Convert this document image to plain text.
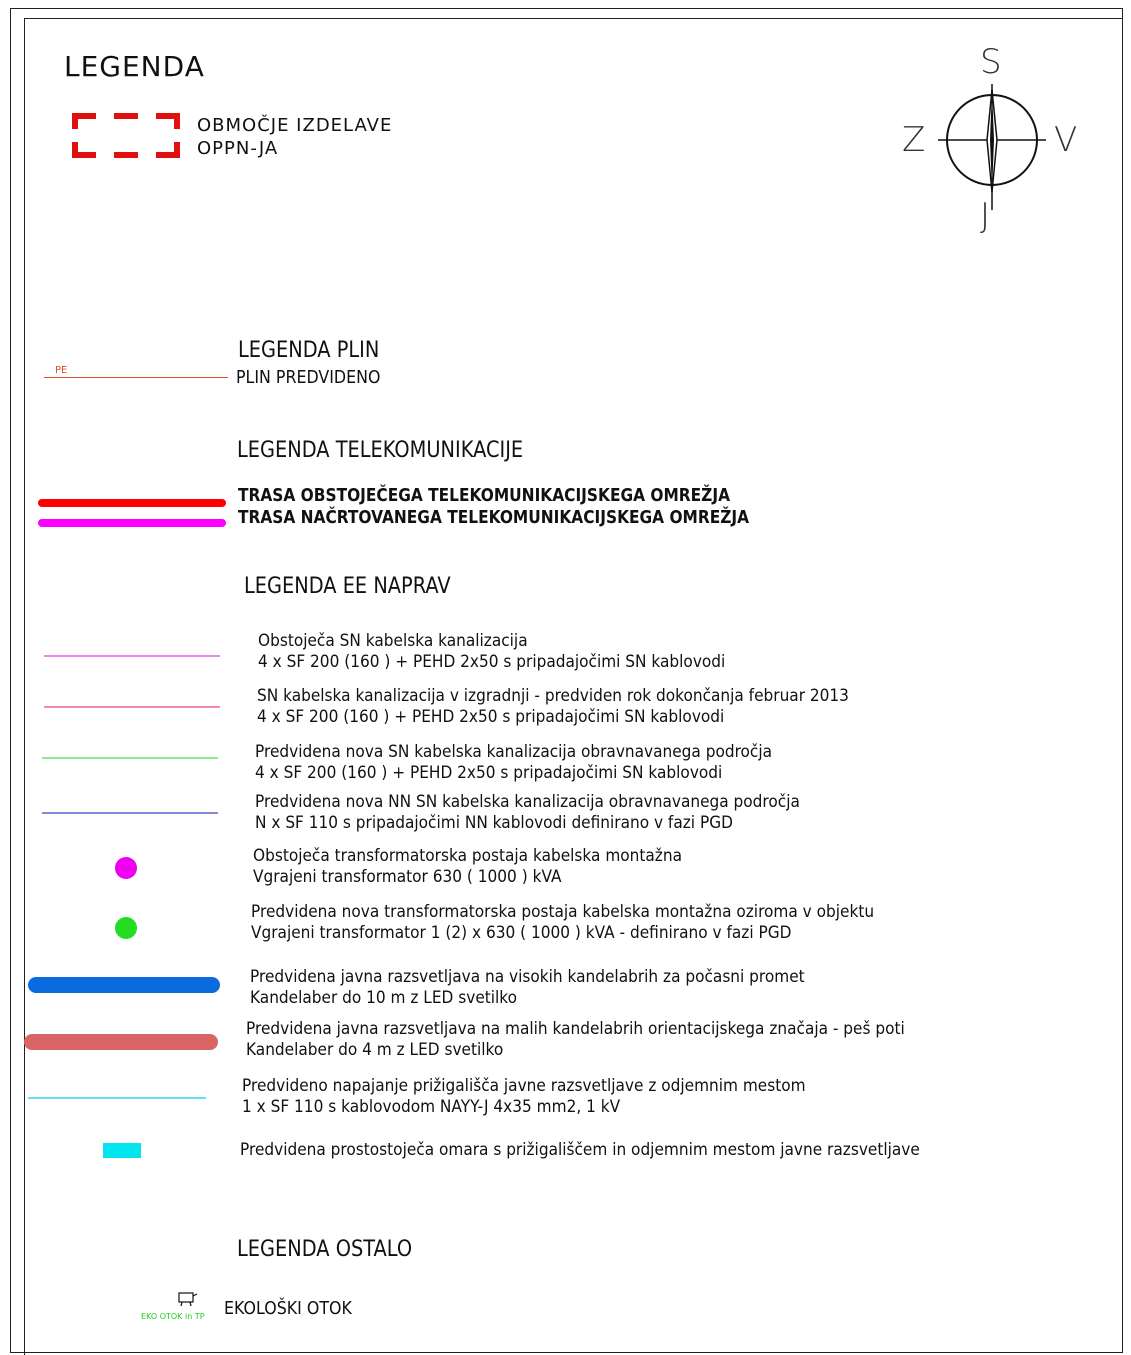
LEGENDA
OBMOČJE IZDELAVE
OPPN-JA
S
J
Z	V
LEGENDA PLIN
PE	PLIN PREDVIDENO
LEGENDA TELEKOMUNIKACIJE
TRASA OBSTOJEČEGA TELEKOMUNIKACIJSKEGA OMREŽJA
TRASA NAČRTOVANEGA TELEKOMUNIKACIJSKEGA OMREŽJA
LEGENDA EE NAPRAV
Obstoječa SN kabelska kanalizacija
4 x SF 200 (160 ) + PEHD 2x50 s pripadajočimi SN kablovodi
SN kabelska kanalizacija v izgradnji - predviden rok dokončanja februar 2013
4 x SF 200 (160 ) + PEHD 2x50 s pripadajočimi SN kablovodi
Predvidena nova SN kabelska kanalizacija obravnavanega področja
4 x SF 200 (160 ) + PEHD 2x50 s pripadajočimi SN kablovodi
Predvidena nova NN SN kabelska kanalizacija obravnavanega področja
N x SF 110 s pripadajočimi NN kablovodi definirano v fazi PGD
Obstoječa transformatorska postaja kabelska montažna
Vgrajeni transformator 630 ( 1000 ) kVA
Predvidena nova transformatorska postaja kabelska montažna oziroma v objektu
Vgrajeni transformator 1 (2) x 630 ( 1000 ) kVA - definirano v fazi PGD
Predvidena javna razsvetljava na visokih kandelabrih za počasni promet
Kandelaber do 10 m z LED svetilko
Predvidena javna razsvetljava na malih kandelabrih orientacijskega značaja - peš poti
Kandelaber do 4 m z LED svetilko
Predvideno napajanje prižigališča javne razsvetljave z odjemnim mestom
1 x SF 110 s kablovodom NAYY-J 4x35 mm2, 1 kV
Predvidena prostostoječa omara s prižigališčem in odjemnim mestom javne razsvetljave
LEGENDA OSTALO
EKO OTOK in TP EKOLOŠKI OTOK
